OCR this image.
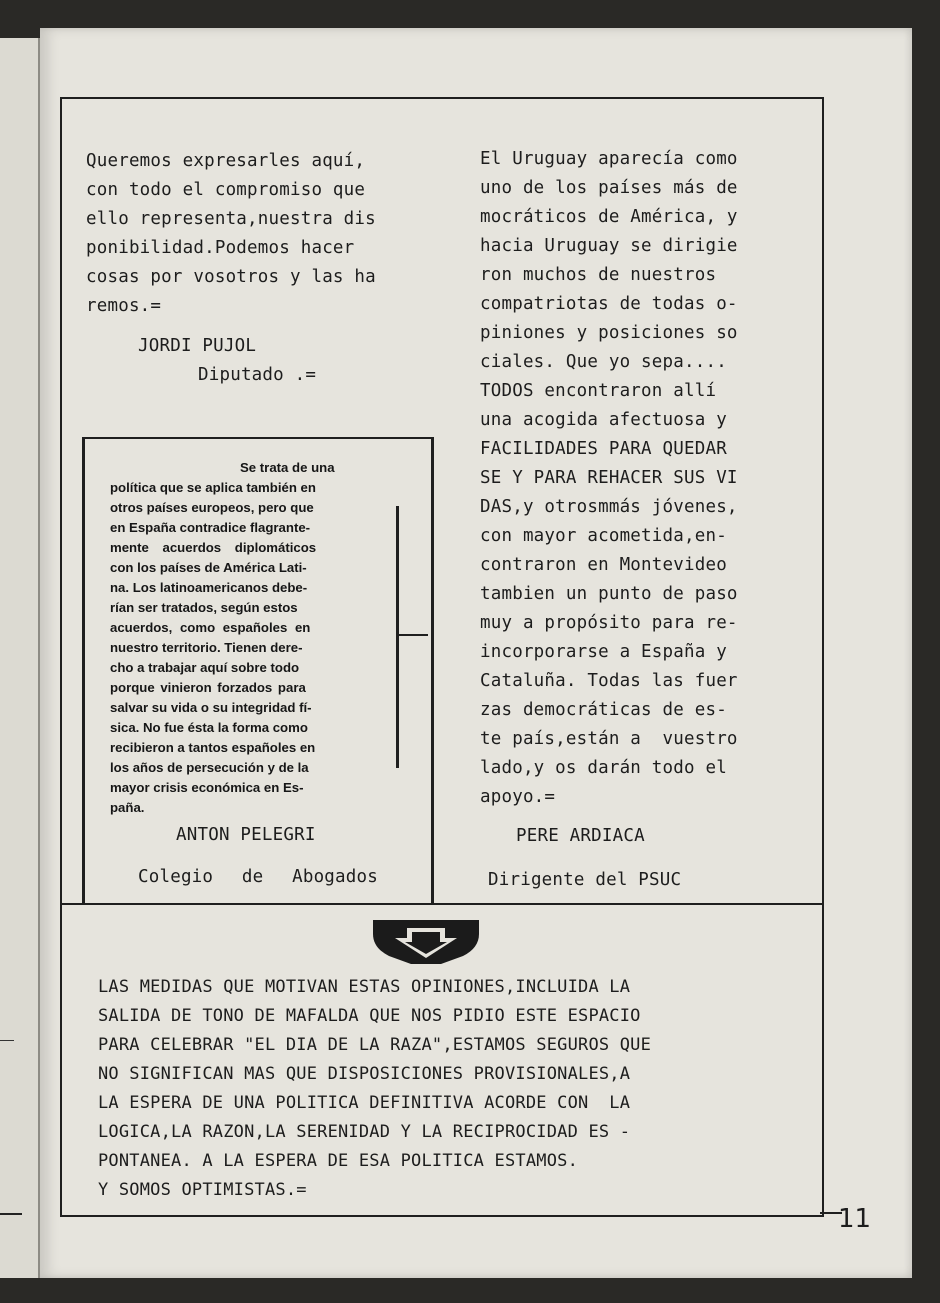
Queremos expresarles aquí,
con todo el compromiso que
ello representa,nuestra dis
ponibilidad.Podemos hacer
cosas por vosotros y las ha
remos.=
JORDI PUJOL
Diputado .=
Se trata de una
política que se aplica también en
otros países europeos, pero que
en España contradice flagrante-
mente acuerdos diplomáticos
con los países de América Lati-
na. Los latinoamericanos debe-
rían ser tratados, según estos
acuerdos, como españoles en
nuestro territorio. Tienen dere-
cho a trabajar aquí sobre todo
porque vinieron forzados para
salvar su vida o su integridad fí-
sica. No fue ésta la forma como
recibieron a tantos españoles en
los años de persecución y de la
mayor crisis económica en Es-
paña.
ANTON PELEGRI
Colegio de Abogados
El Uruguay aparecía como
uno de los países más de
mocráticos de América, y
hacia Uruguay se dirigie
ron muchos de nuestros
compatriotas de todas o-
piniones y posiciones so
ciales. Que yo sepa....
TODOS encontraron allí
una acogida afectuosa y
FACILIDADES PARA QUEDAR
SE Y PARA REHACER SUS VI
DAS,y otrosmmás jóvenes,
con mayor acometida,en-
contraron en Montevideo
tambien un punto de paso
muy a propósito para re-
incorporarse a España y
Cataluña. Todas las fuer
zas democráticas de es-
te país,están a  vuestro
lado,y os darán todo el
apoyo.=
PERE ARDIACA
Dirigente del PSUC
LAS MEDIDAS QUE MOTIVAN ESTAS OPINIONES,INCLUIDA LA
SALIDA DE TONO DE MAFALDA QUE NOS PIDIO ESTE ESPACIO
PARA CELEBRAR "EL DIA DE LA RAZA",ESTAMOS SEGUROS QUE
NO SIGNIFICAN MAS QUE DISPOSICIONES PROVISIONALES,A
LA ESPERA DE UNA POLITICA DEFINITIVA ACORDE CON  LA
LOGICA,LA RAZON,LA SERENIDAD Y LA RECIPROCIDAD ES -
PONTANEA. A LA ESPERA DE ESA POLITICA ESTAMOS.
Y SOMOS OPTIMISTAS.=
11
